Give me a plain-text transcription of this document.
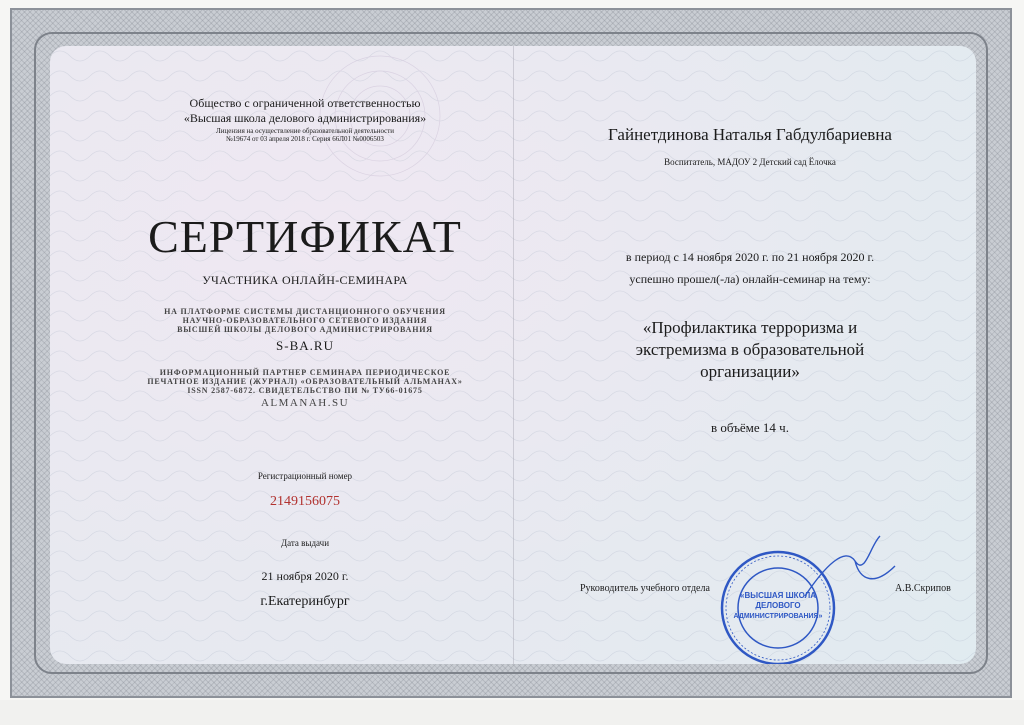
Общество с ограниченной ответственностью
«Высшая школа делового администрирования»
Лицензия на осуществление образовательной деятельности
№19674 от 03 апреля 2018 г. Серия 66Л01 №0006503
СЕРТИФИКАТ
УЧАСТНИКА ОНЛАЙН-СЕМИНАРА
НА ПЛАТФОРМЕ СИСТЕМЫ ДИСТАНЦИОННОГО ОБУЧЕНИЯ
НАУЧНО-ОБРАЗОВАТЕЛЬНОГО СЕТЕВОГО ИЗДАНИЯ
ВЫСШЕЙ ШКОЛЫ ДЕЛОВОГО АДМИНИСТРИРОВАНИЯ
S-BA.RU
ИНФОРМАЦИОННЫЙ ПАРТНЕР СЕМИНАРА ПЕРИОДИЧЕСКОЕ
ПЕЧАТНОЕ ИЗДАНИЕ (ЖУРНАЛ) «ОБРАЗОВАТЕЛЬНЫЙ АЛЬМАНАХ»
ISSN 2587-6872. СВИДЕТЕЛЬСТВО ПИ № ТУ66-01675
ALMANAH.SU
Регистрационный номер
2149156075
Дата выдачи
21 ноября 2020 г.
г.Екатеринбург
Гайнетдинова Наталья Габдулбариевна
Воспитатель, МАДОУ 2 Детский сад Ёлочка
в период с 14 ноября 2020 г. по 21 ноября 2020 г.
успешно прошел(-ла) онлайн-семинар на тему:
«Профилактика терроризма и
экстремизма в образовательной
организации»
в объёме 14 ч.
Руководитель учебного отдела	А.В.Скрипов
«ВЫСШАЯ ШКОЛА
ДЕЛОВОГО
АДМИНИСТРИРОВАНИЯ»
